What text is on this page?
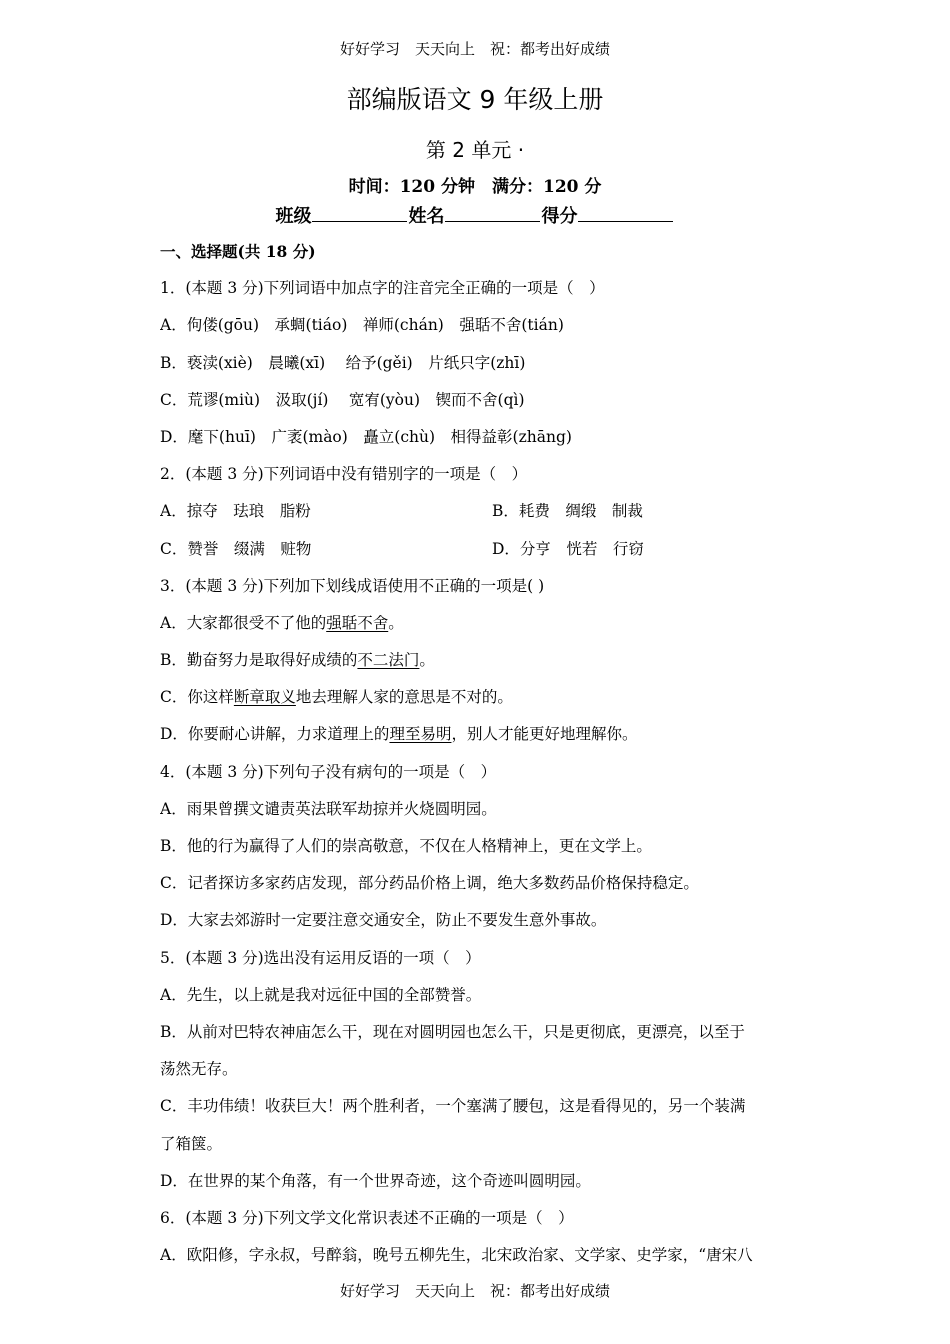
好好学习　天天向上　祝：都考出好成绩
部编版语文 9 年级上册
第 2 单元 ·
时间：120 分钟　满分：120 分
班级	姓名	得分
一、选择题(共 18 分)
1．(本题 3 分)下列词语中加点字的注音完全正确的一项是（　）
A．佝偻(gōu)　承蜩(tiáo)　禅师(chán)　强聒不舍(tián)
B．亵渎(xiè)　晨曦(xī)　 给予(gěi)　片纸只字(zhī)
C．荒谬(miù)　汲取(jí)　 宽宥(yòu)　锲而不舍(qì)
D．麾下(huī)　广袤(mào)　矗立(chù)　相得益彰(zhāng)
2．(本题 3 分)下列词语中没有错别字的一项是（　）
A．掠夺　珐琅　脂粉	B．耗费　绸缎　制裁
C．赞誉　缀满　赃物	D．分亨　恍若　行窃
3．(本题 3 分)下列加下划线成语使用不正确的一项是( )
A．大家都很受不了他的强聒不舍。
B．勤奋努力是取得好成绩的不二法门。
C．你这样断章取义地去理解人家的意思是不对的。
D．你要耐心讲解，力求道理上的理至易明，别人才能更好地理解你。
4．(本题 3 分)下列句子没有病句的一项是（　）
A．雨果曾撰文谴责英法联军劫掠并火烧圆明园。
B．他的行为赢得了人们的崇高敬意，不仅在人格精神上，更在文学上。
C．记者探访多家药店发现，部分药品价格上调，绝大多数药品价格保持稳定。
D．大家去郊游时一定要注意交通安全，防止不要发生意外事故。
5．(本题 3 分)选出没有运用反语的一项（　）
A．先生，以上就是我对远征中国的全部赞誉。
B．从前对巴特农神庙怎么干，现在对圆明园也怎么干，只是更彻底，更漂亮，以至于
荡然无存。
C．丰功伟绩！收获巨大！两个胜利者，一个塞满了腰包，这是看得见的，另一个装满
了箱箧。
D．在世界的某个角落，有一个世界奇迹，这个奇迹叫圆明园。
6．(本题 3 分)下列文学文化常识表述不正确的一项是（　）
A．欧阳修，字永叔，号醉翁，晚号五柳先生，北宋政治家、文学家、史学家，“唐宋八
好好学习　天天向上　祝：都考出好成绩
